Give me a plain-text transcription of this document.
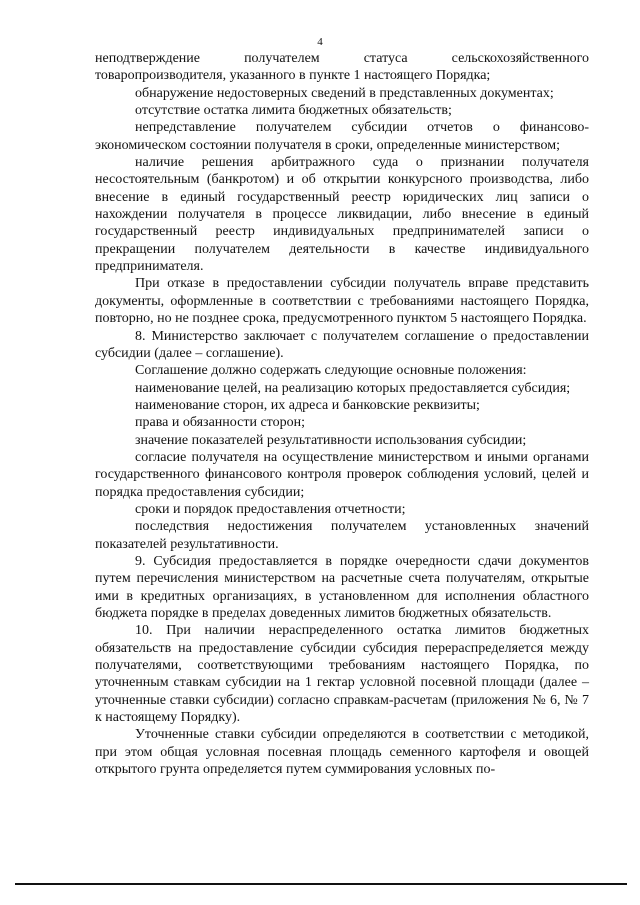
4

неподтверждение получателем статуса сельскохозяйственного товаропроизводителя, указанного в пункте 1 настоящего Порядка;

обнаружение недостоверных сведений в представленных документах;

отсутствие остатка лимита бюджетных обязательств;

непредставление получателем субсидии отчетов о финансово-экономическом состоянии получателя в сроки, определенные министерством;

наличие решения арбитражного суда о признании получателя несостоятельным (банкротом) и об открытии конкурсного производства, либо внесение в единый государственный реестр юридических лиц записи о нахождении получателя в процессе ликвидации, либо внесение в единый государственный реестр индивидуальных предпринимателей записи о прекращении получателем деятельности в качестве индивидуального предпринимателя.

При отказе в предоставлении субсидии получатель вправе представить документы, оформленные в соответствии с требованиями настоящего Порядка, повторно, но не позднее срока, предусмотренного пунктом 5 настоящего Порядка.

8. Министерство заключает с получателем соглашение о предоставлении субсидии (далее – соглашение).

Соглашение должно содержать следующие основные положения:

наименование целей, на реализацию которых предоставляется субсидия;

наименование сторон, их адреса и банковские реквизиты;

права и обязанности сторон;

значение показателей результативности использования субсидии;

согласие получателя на осуществление министерством и иными органами государственного финансового контроля проверок соблюдения условий, целей и порядка предоставления субсидии;

сроки и порядок предоставления отчетности;

последствия недостижения получателем установленных значений показателей результативности.

9. Субсидия предоставляется в порядке очередности сдачи документов путем перечисления министерством на расчетные счета получателям, открытые ими в кредитных организациях, в установленном для исполнения областного бюджета порядке в пределах доведенных лимитов бюджетных обязательств.

10. При наличии нераспределенного остатка лимитов бюджетных обязательств на предоставление субсидии субсидия перераспределяется между получателями, соответствующими требованиям настоящего Порядка, по уточненным ставкам субсидии на 1 гектар условной посевной площади (далее – уточненные ставки субсидии) согласно справкам-расчетам (приложения № 6, № 7 к настоящему Порядку).

Уточненные ставки субсидии определяются в соответствии с методикой, при этом общая условная посевная площадь семенного картофеля и овощей открытого грунта определяется путем суммирования условных по-
